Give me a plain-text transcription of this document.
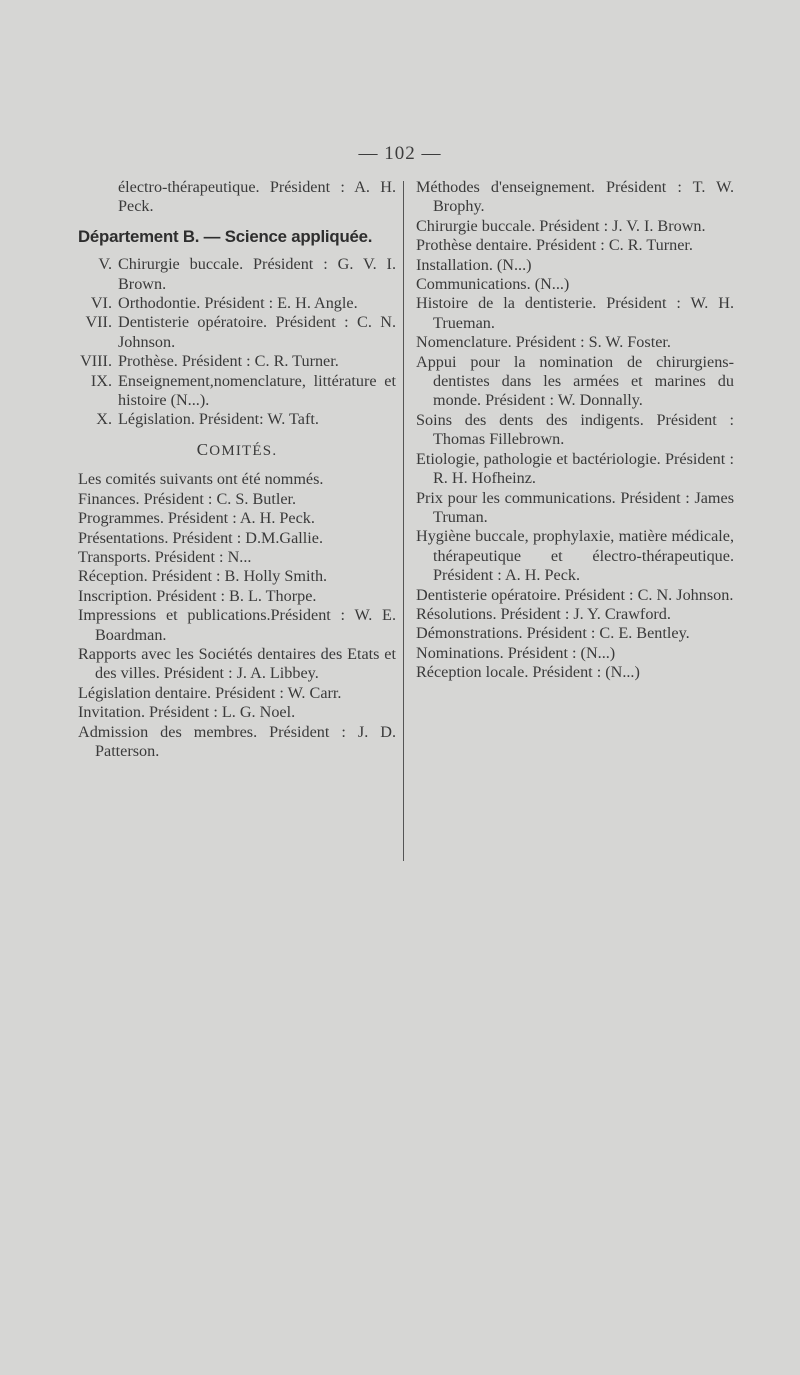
— 102 —

électro-thérapeutique. Président : A. H. Peck.

Département B. — Science appliquée.
V. Chirurgie buccale. Président : G. V. I. Brown.
VI. Orthodontie. Président : E. H. Angle.
VII. Dentisterie opératoire. Président : C. N. Johnson.
VIII. Prothèse. Président : C. R. Turner.
IX. Enseignement,nomenclature, littérature et histoire (N...).
X. Législation. Président: W. Taft.
COMITÉS.

Les comités suivants ont été nommés.

Finances. Président : C. S. Butler.

Programmes. Président : A. H. Peck.

Présentations. Président : D.M.Gallie.

Transports. Président : N...

Réception. Président : B. Holly Smith.

Inscription. Président : B. L. Thorpe.

Impressions et publications.Président : W. E. Boardman.

Rapports avec les Sociétés dentaires des Etats et des villes. Président : J. A. Libbey.

Législation dentaire. Président : W. Carr.

Invitation. Président : L. G. Noel.

Admission des membres. Président : J. D. Patterson.

Méthodes d'enseignement. Président : T. W. Brophy.

Chirurgie buccale. Président : J. V. I. Brown.

Prothèse dentaire. Président : C. R. Turner.

Installation. (N...)

Communications. (N...)

Histoire de la dentisterie. Président : W. H. Trueman.

Nomenclature. Président : S. W. Foster.

Appui pour la nomination de chirurgiens-dentistes dans les armées et marines du monde. Président : W. Donnally.

Soins des dents des indigents. Président : Thomas Fillebrown.

Etiologie, pathologie et bactériologie. Président : R. H. Hofheinz.

Prix pour les communications. Président : James Truman.

Hygiène buccale, prophylaxie, matière médicale, thérapeutique et électro-thérapeutique. Président : A. H. Peck.

Dentisterie opératoire. Président : C. N. Johnson.

Résolutions. Président : J. Y. Crawford.

Démonstrations. Président : C. E. Bentley.

Nominations. Président : (N...)

Réception locale. Président : (N...)
